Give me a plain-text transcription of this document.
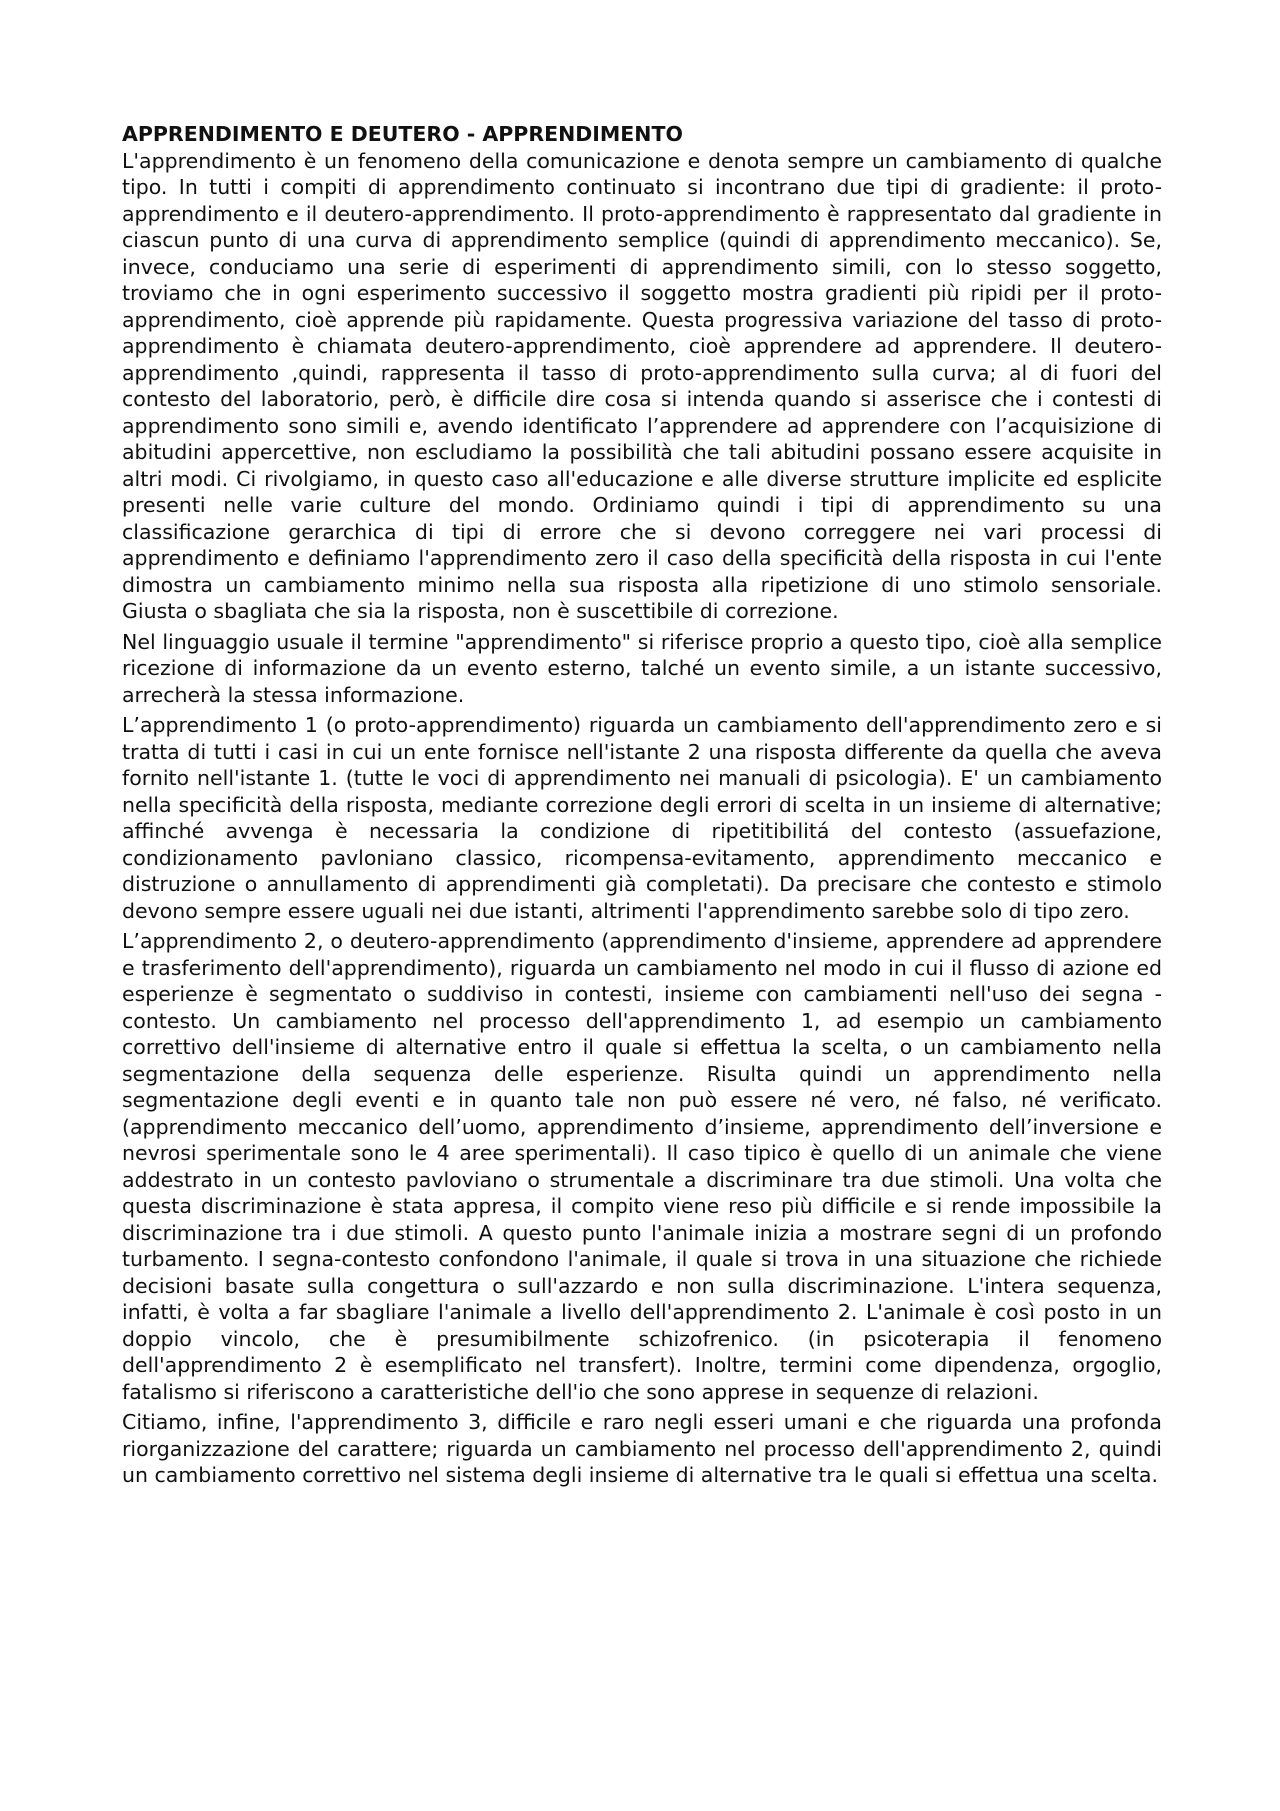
APPRENDIMENTO E DEUTERO - APPRENDIMENTO

L'apprendimento è un fenomeno della comunicazione e denota sempre un cambiamento di qualche tipo. In tutti i compiti di apprendimento continuato si incontrano due tipi di gradiente: il proto-apprendimento e il deutero-apprendimento. Il proto-apprendimento è rappresentato dal gradiente in ciascun punto di una curva di apprendimento semplice (quindi di apprendimento meccanico). Se, invece, conduciamo una serie di esperimenti di apprendimento simili, con lo stesso soggetto, troviamo che in ogni esperimento successivo il soggetto mostra gradienti più ripidi per il proto-apprendimento, cioè apprende più rapidamente. Questa progressiva variazione del tasso di proto-apprendimento è chiamata deutero-apprendimento, cioè apprendere ad apprendere. Il deutero-apprendimento ,quindi, rappresenta il tasso di proto-apprendimento sulla curva; al di fuori del contesto del laboratorio, però, è difficile dire cosa si intenda quando si asserisce che i contesti di apprendimento sono simili e, avendo identificato l’apprendere ad apprendere con l’acquisizione di abitudini appercettive, non escludiamo la possibilità che tali abitudini possano essere acquisite in altri modi. Ci rivolgiamo, in questo caso all'educazione e alle diverse strutture implicite ed esplicite presenti nelle varie culture del mondo. Ordiniamo quindi i tipi di apprendimento su una classificazione gerarchica di tipi di errore che si devono correggere nei vari processi di apprendimento e definiamo l'apprendimento zero il caso della specificità della risposta in cui l'ente dimostra un cambiamento minimo nella sua risposta alla ripetizione di uno stimolo sensoriale. Giusta o sbagliata che sia la risposta, non è suscettibile di correzione.

Nel linguaggio usuale il termine "apprendimento" si riferisce proprio a questo tipo, cioè alla semplice ricezione di informazione da un evento esterno, talché un evento simile, a un istante successivo, arrecherà la stessa informazione.

L’apprendimento 1 (o proto-apprendimento) riguarda un cambiamento dell'apprendimento zero e si tratta di tutti i casi in cui un ente fornisce nell'istante 2 una risposta differente da quella che aveva fornito nell'istante 1. (tutte le voci di apprendimento nei manuali di psicologia). E' un cambiamento nella specificità della risposta, mediante correzione degli errori di scelta in un insieme di alternative; affinché avvenga è necessaria la condizione di ripetitibilitá del contesto (assuefazione, condizionamento pavloniano classico, ricompensa-evitamento, apprendimento meccanico e distruzione o annullamento di apprendimenti già completati). Da precisare che contesto e stimolo devono sempre essere uguali nei due istanti, altrimenti l'apprendimento sarebbe solo di tipo zero.

L’apprendimento 2, o deutero-apprendimento (apprendimento d'insieme, apprendere ad apprendere e trasferimento dell'apprendimento), riguarda un cambiamento nel modo in cui il flusso di azione ed esperienze è segmentato o suddiviso in contesti, insieme con cambiamenti nell'uso dei segna - contesto. Un cambiamento nel processo dell'apprendimento 1, ad esempio un cambiamento correttivo dell'insieme di alternative entro il quale si effettua la scelta, o un cambiamento nella segmentazione della sequenza delle esperienze. Risulta quindi un apprendimento nella segmentazione degli eventi e in quanto tale non può essere né vero, né falso, né verificato. (apprendimento meccanico dell’uomo, apprendimento d’insieme, apprendimento dell’inversione e nevrosi sperimentale sono le 4 aree sperimentali). Il caso tipico è quello di un animale che viene addestrato in un contesto pavloviano o strumentale a discriminare tra due stimoli. Una volta che questa discriminazione è stata appresa, il compito viene reso più difficile e si rende impossibile la discriminazione tra i due stimoli. A questo punto l'animale inizia a mostrare segni di un profondo turbamento. I segna-contesto confondono l'animale, il quale si trova in una situazione che richiede decisioni basate sulla congettura o sull'azzardo e non sulla discriminazione. L'intera sequenza, infatti, è volta a far sbagliare l'animale a livello dell'apprendimento 2. L'animale è così posto in un doppio vincolo, che è presumibilmente schizofrenico. (in psicoterapia il fenomeno dell'apprendimento 2 è esemplificato nel transfert). Inoltre, termini come dipendenza, orgoglio, fatalismo si riferiscono a caratteristiche dell'io che sono apprese in sequenze di relazioni.

Citiamo, infine, l'apprendimento 3, difficile e raro negli esseri umani e che riguarda una profonda riorganizzazione del carattere; riguarda un cambiamento nel processo dell'apprendimento 2, quindi un cambiamento correttivo nel sistema degli insieme di alternative tra le quali si effettua una scelta.
